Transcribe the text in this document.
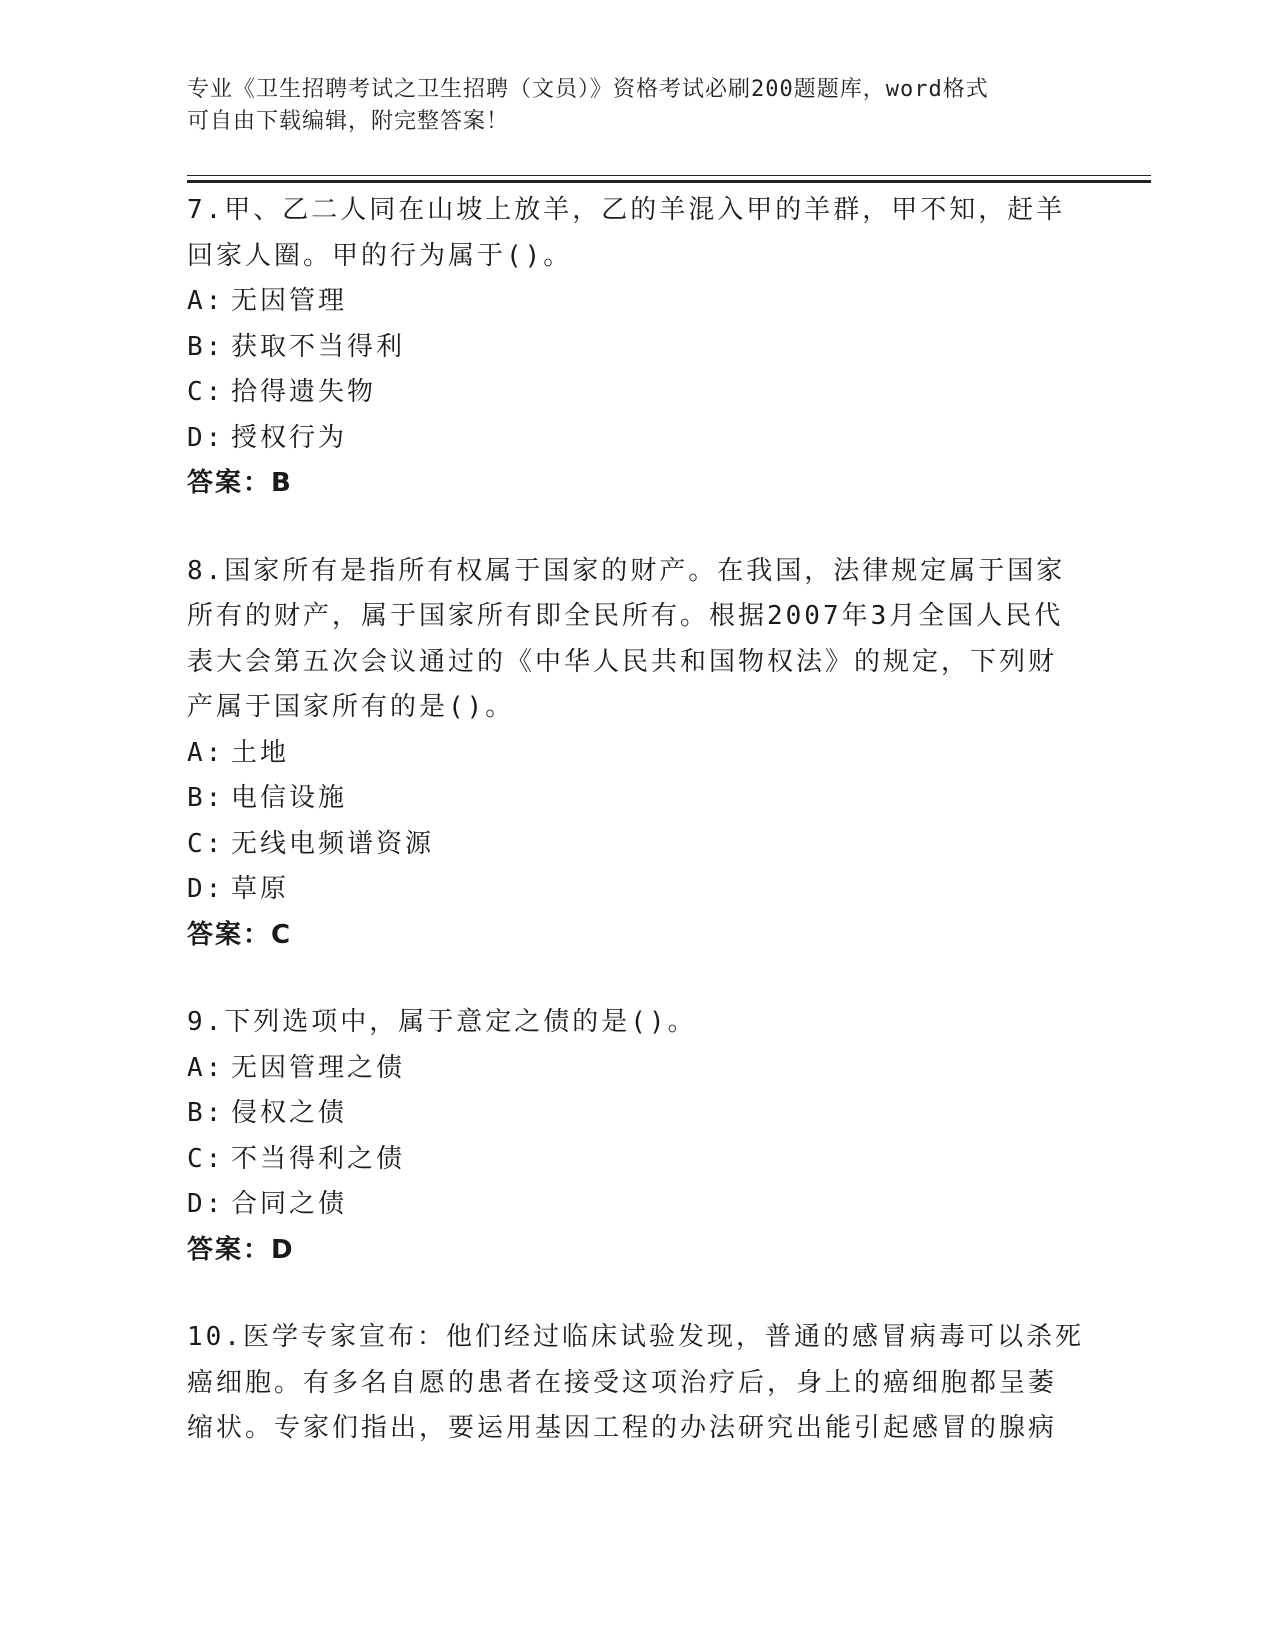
专业《卫生招聘考试之卫生招聘（文员）》资格考试必刷200题题库，word格式

可自由下载编辑，附完整答案！

7.甲、乙二人同在山坡上放羊，乙的羊混入甲的羊群，甲不知，赶羊

回家人圈。甲的行为属于()。

A: 无因管理
B: 获取不当得利
C: 拾得遗失物
D: 授权行为
答案：B

8.国家所有是指所有权属于国家的财产。在我国，法律规定属于国家

所有的财产，属于国家所有即全民所有。根据2007年3月全国人民代

表大会第五次会议通过的《中华人民共和国物权法》的规定，下列财

产属于国家所有的是()。

A: 土地
B: 电信设施
C: 无线电频谱资源
D: 草原
答案：C

9.下列选项中，属于意定之债的是()。

A: 无因管理之债
B: 侵权之债
C: 不当得利之债
D: 合同之债
答案：D

10.医学专家宣布：他们经过临床试验发现，普通的感冒病毒可以杀死

癌细胞。有多名自愿的患者在接受这项治疗后，身上的癌细胞都呈萎

缩状。专家们指出，要运用基因工程的办法研究出能引起感冒的腺病
